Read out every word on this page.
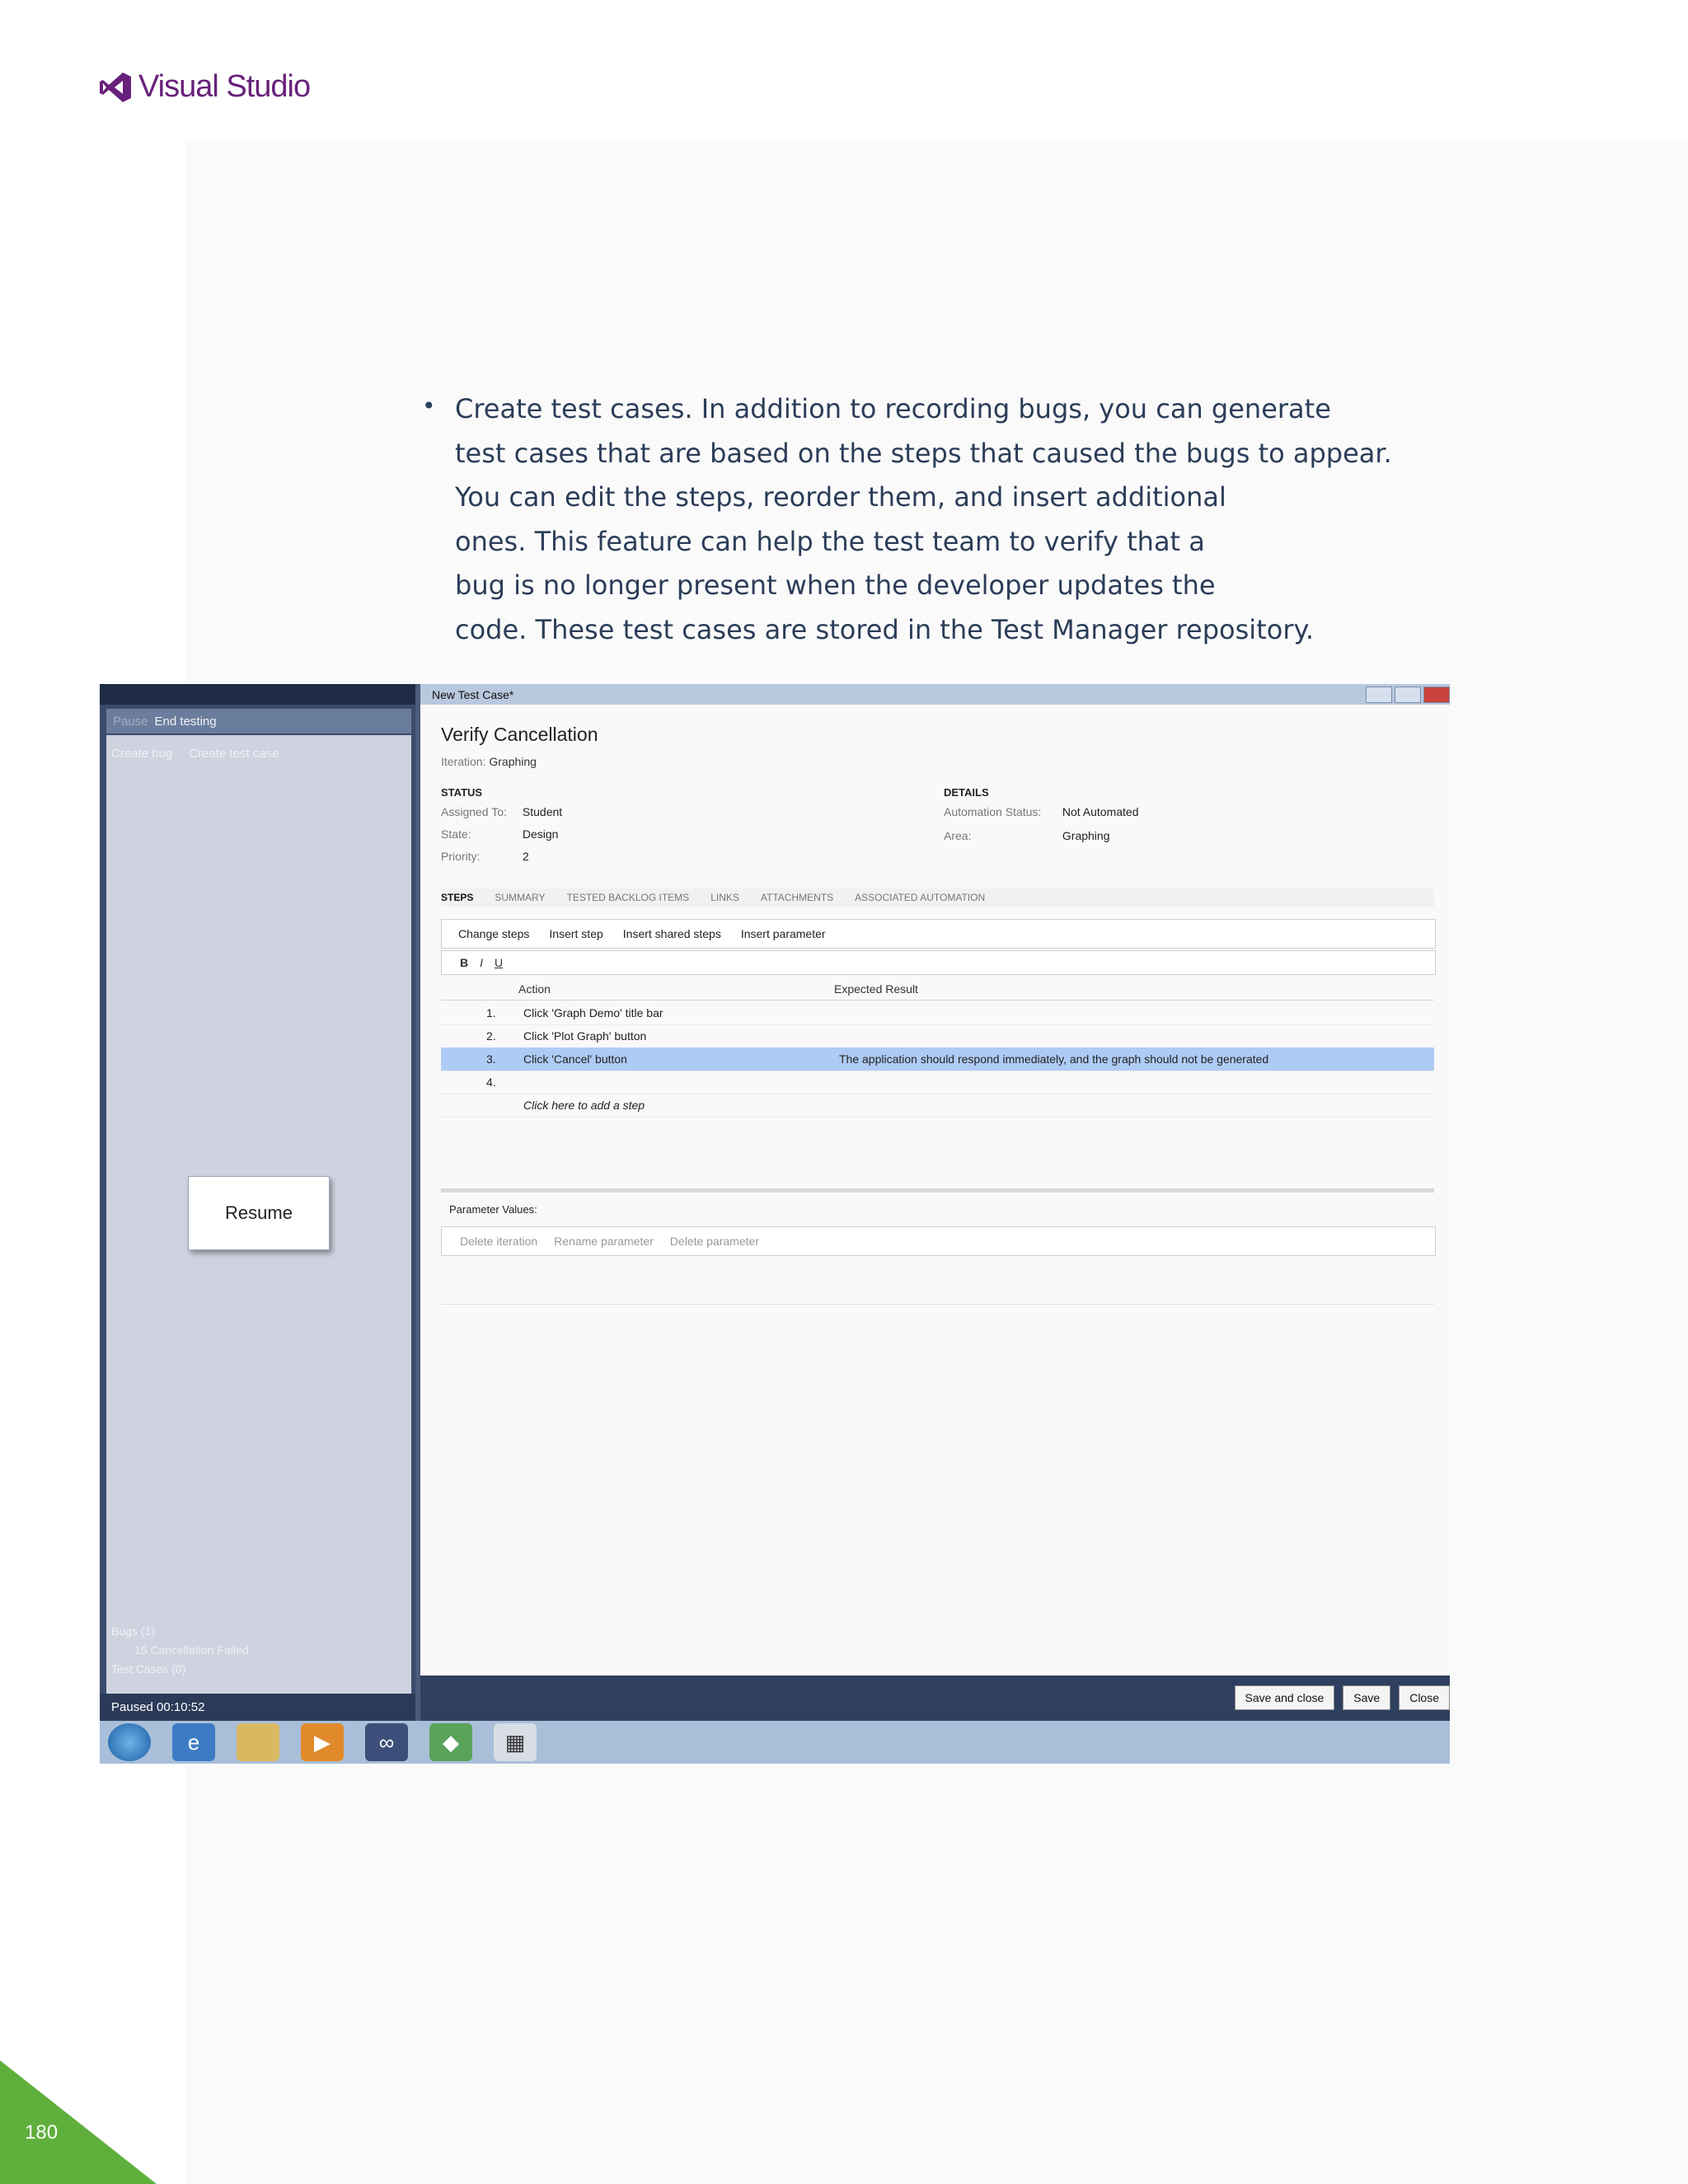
Visual Studio
• Create test cases. In addition to recording bugs, you can generate
test cases that are based on the steps that caused the bugs to appear.
You can edit the steps, reorder them, and insert additional
ones. This feature can help the test team to verify that a
bug is no longer present when the developer updates the
code. These test cases are stored in the Test Manager repository.
Pause End testing
Create bug Create test case
Resume
Bugs (1)
15 Cancellation Failed
Test Cases (0)
Paused 00:10:52
New Test Case*
Verify Cancellation
Iteration: Graphing
STATUS	DETAILS
Assigned To: Student
State:	Design
Priority:	2
Automation Status: Not Automated
Area:	Graphing
STEPS SUMMARY TESTED BACKLOG ITEMS LINKS ATTACHMENTS ASSOCIATED AUTOMATION
Change steps Insert step Insert shared steps Insert parameter
B I U
Action	Expected Result
1. Click 'Graph Demo' title bar
2. Click 'Plot Graph' button
3. Click 'Cancel' button	The application should respond immediately, and the graph should not be generated
4.
Click here to add a step
Parameter Values:
Delete iteration Rename parameter Delete parameter
Save and close	Save	Close
e	▶	∞	◆	▦
180
